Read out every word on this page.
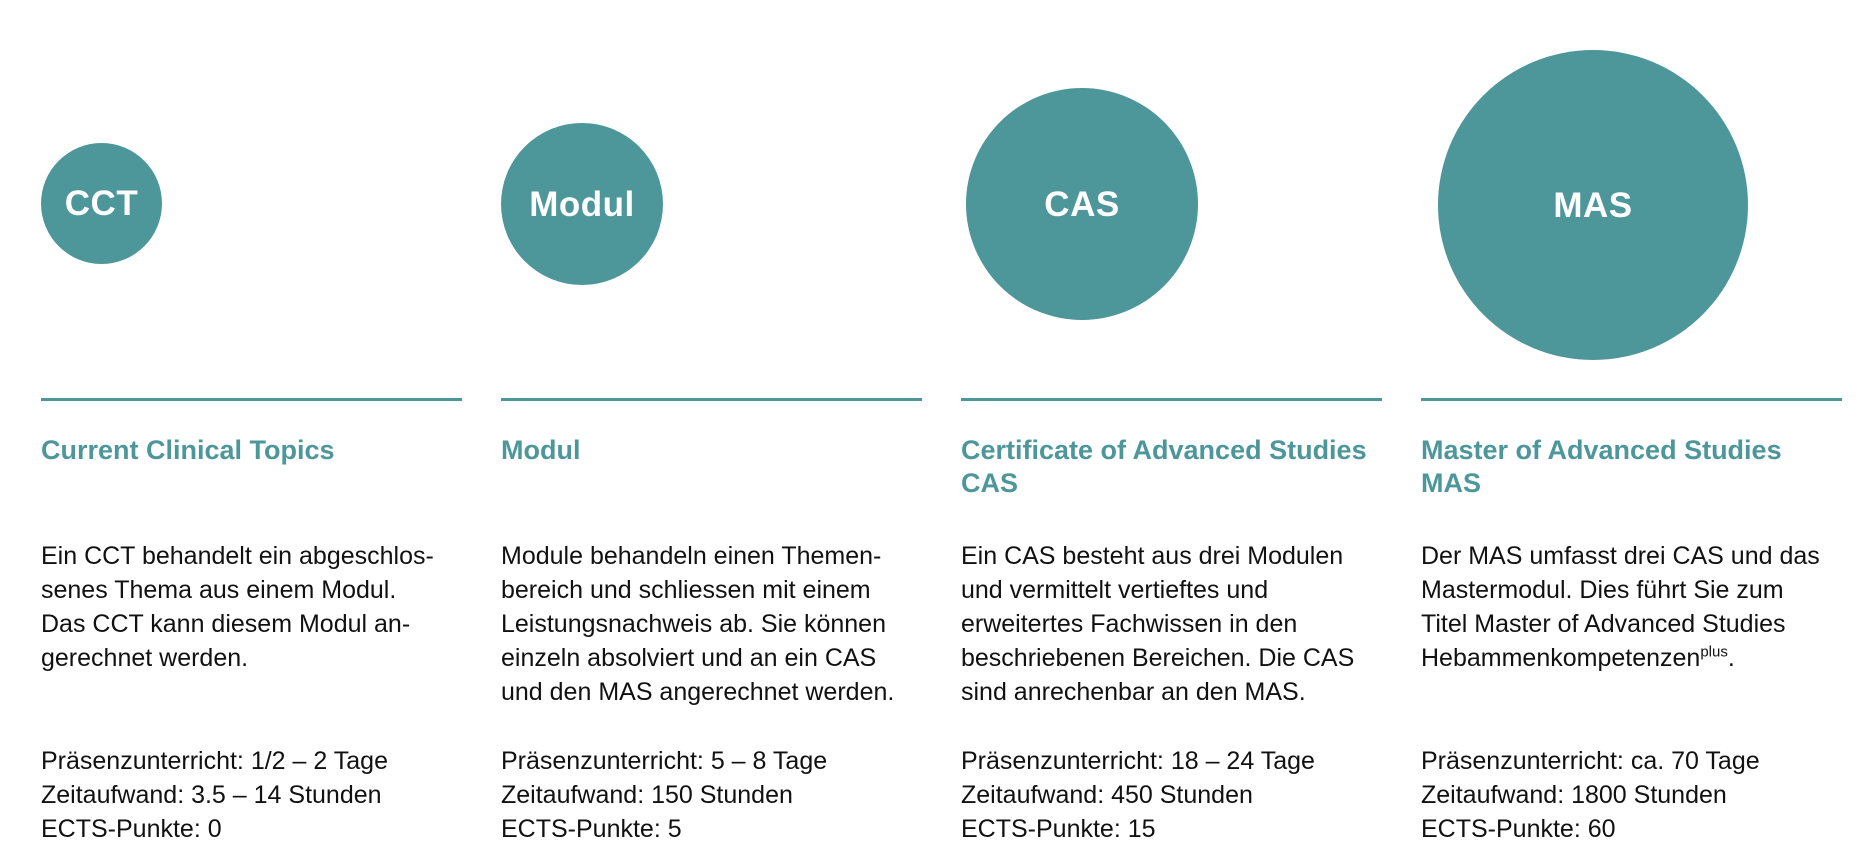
CCT	Modul	CAS	MAS
Current Clinical Topics
Ein CCT behandelt ein abgeschlos-
senes Thema aus einem Modul.
Das CCT kann diesem Modul an-
gerechnet werden.
Präsenzunterricht: 1/2 – 2 Tage
Zeitaufwand: 3.5 – 14 Stunden
ECTS-Punkte: 0
Modul
Module behandeln einen Themen-
bereich und schliessen mit einem
Leistungsnachweis ab. Sie können
einzeln absolviert und an ein CAS
und den MAS angerechnet werden.
Präsenzunterricht: 5 – 8 Tage
Zeitaufwand: 150 Stunden
ECTS-Punkte: 5
Certificate of Advanced Studies CAS
Ein CAS besteht aus drei Modulen
und vermittelt vertieftes und
erweitertes Fachwissen in den
beschriebenen Bereichen. Die CAS
sind anrechenbar an den MAS.
Präsenzunterricht: 18 – 24 Tage
Zeitaufwand: 450 Stunden
ECTS-Punkte: 15
Master of Advanced Studies MAS
Der MAS umfasst drei CAS und das
Mastermodul. Dies führt Sie zum
Titel Master of Advanced Studies
Hebammenkompetenzen$^{plus}$.
Präsenzunterricht: ca. 70 Tage
Zeitaufwand: 1800 Stunden
ECTS-Punkte: 60
